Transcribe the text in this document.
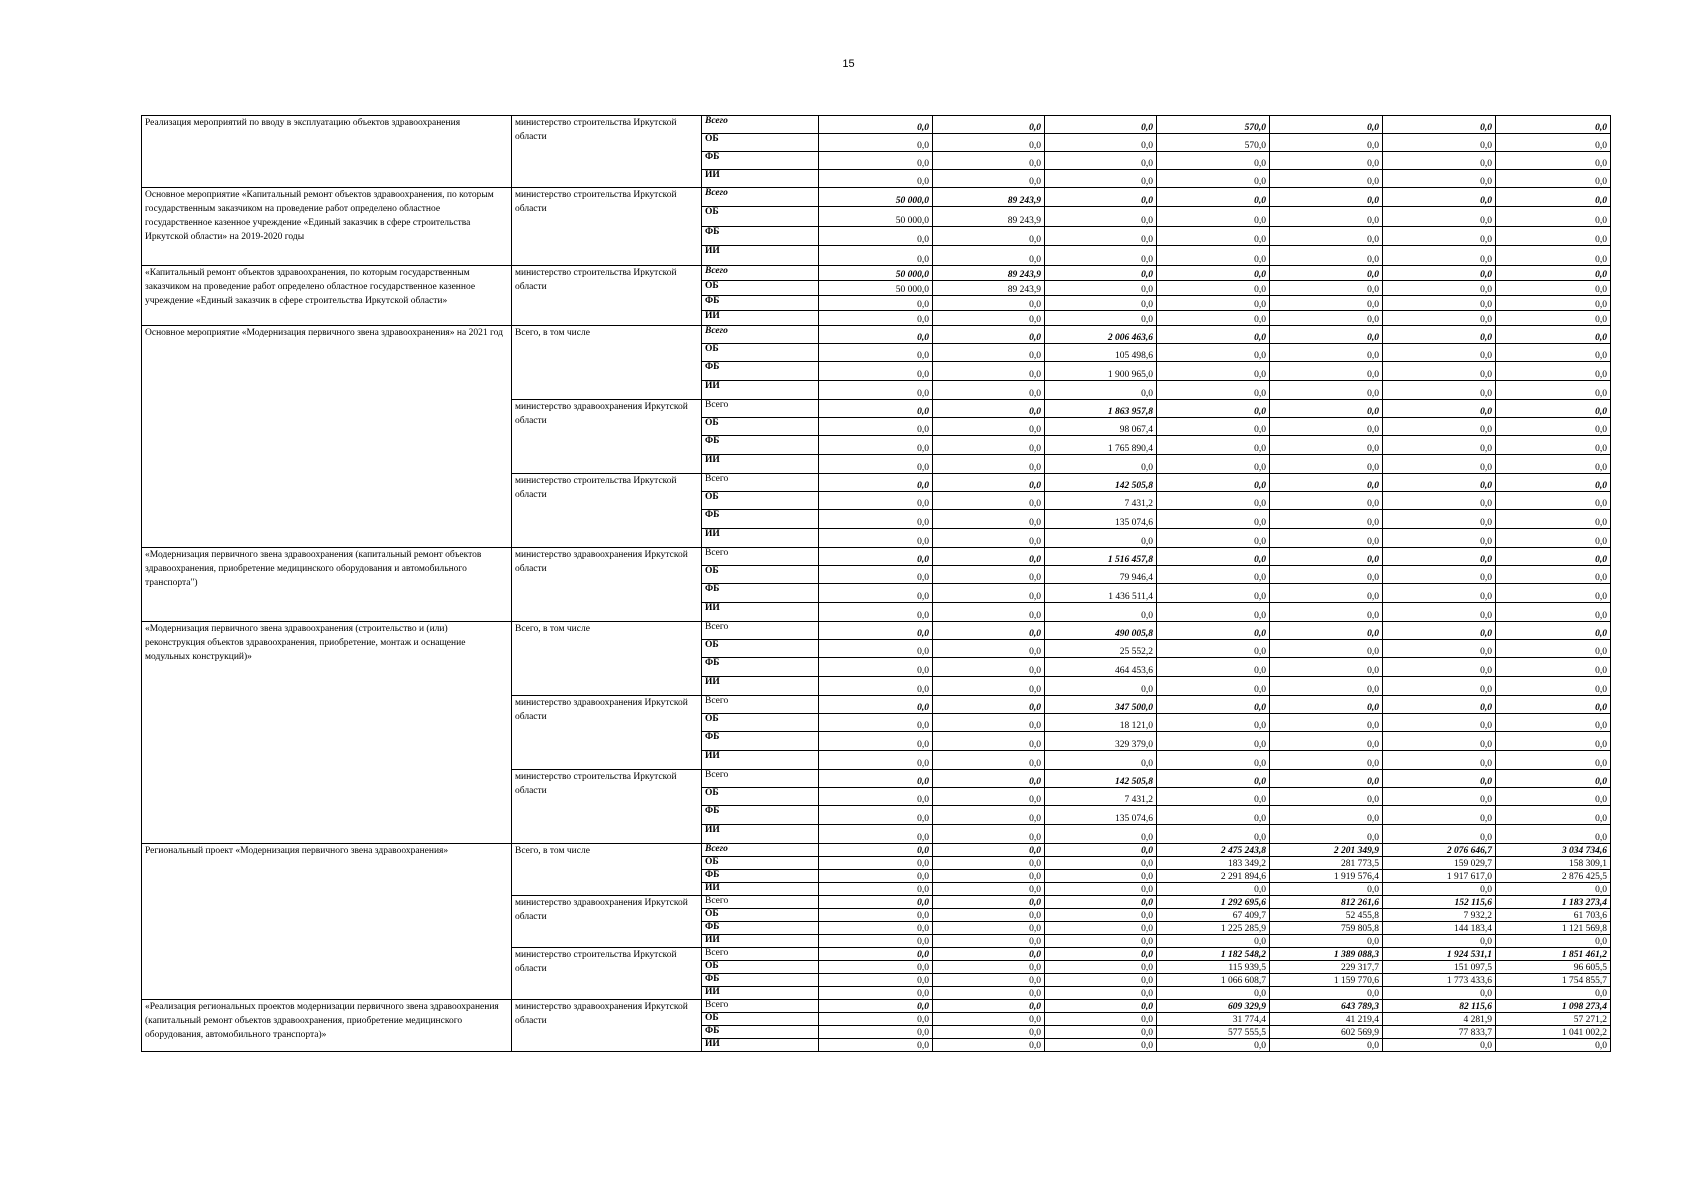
15
Реализация мероприятий по вводу в эксплуатацию объектов здравоохранения	министерство строительства Иркутской области	Всего	0,0	0,0	0,0	570,0	0,0	0,0	0,0
		ОБ	0,0	0,0	0,0	570,0	0,0	0,0	0,0
		ФБ	0,0	0,0	0,0	0,0	0,0	0,0	0,0
		ИИ	0,0	0,0	0,0	0,0	0,0	0,0	0,0
Основное мероприятие «Капитальный ремонт объектов здравоохранения, по которым государственным заказчиком на проведение работ определено областное государственное казенное учреждение «Единый заказчик в сфере строительства Иркутской области» на 2019-2020 годы	министерство строительства Иркутской области	Всего	50 000,0	89 243,9	0,0	0,0	0,0	0,0	0,0
		ОБ	50 000,0	89 243,9	0,0	0,0	0,0	0,0	0,0
		ФБ	0,0	0,0	0,0	0,0	0,0	0,0	0,0
		ИИ	0,0	0,0	0,0	0,0	0,0	0,0	0,0
«Капитальный ремонт объектов здравоохранения, по которым государственным заказчиком на проведение работ определено областное государственное казенное учреждение «Единый заказчик в сфере строительства Иркутской области»	министерство строительства Иркутской области	Всего	50 000,0	89 243,9	0,0	0,0	0,0	0,0	0,0
		ОБ	50 000,0	89 243,9	0,0	0,0	0,0	0,0	0,0
		ФБ	0,0	0,0	0,0	0,0	0,0	0,0	0,0
		ИИ	0,0	0,0	0,0	0,0	0,0	0,0	0,0
Основное мероприятие «Модернизация первичного звена здравоохранения» на 2021 год	Всего, в том числе	Всего	0,0	0,0	2 006 463,6	0,0	0,0	0,0	0,0
		ОБ	0,0	0,0	105 498,6	0,0	0,0	0,0	0,0
		ФБ	0,0	0,0	1 900 965,0	0,0	0,0	0,0	0,0
		ИИ	0,0	0,0	0,0	0,0	0,0	0,0	0,0
	министерство здравоохранения Иркутской области	Всего	0,0	0,0	1 863 957,8	0,0	0,0	0,0	0,0
		ОБ	0,0	0,0	98 067,4	0,0	0,0	0,0	0,0
		ФБ	0,0	0,0	1 765 890,4	0,0	0,0	0,0	0,0
		ИИ	0,0	0,0	0,0	0,0	0,0	0,0	0,0
	министерство строительства Иркутской области	Всего	0,0	0,0	142 505,8	0,0	0,0	0,0	0,0
		ОБ	0,0	0,0	7 431,2	0,0	0,0	0,0	0,0
		ФБ	0,0	0,0	135 074,6	0,0	0,0	0,0	0,0
		ИИ	0,0	0,0	0,0	0,0	0,0	0,0	0,0
«Модернизация первичного звена здравоохранения (капитальный ремонт объектов здравоохранения, приобретение медицинского оборудования и автомобильного транспорта")	министерство здравоохранения Иркутской области	Всего	0,0	0,0	1 516 457,8	0,0	0,0	0,0	0,0
		ОБ	0,0	0,0	79 946,4	0,0	0,0	0,0	0,0
		ФБ	0,0	0,0	1 436 511,4	0,0	0,0	0,0	0,0
		ИИ	0,0	0,0	0,0	0,0	0,0	0,0	0,0
«Модернизация первичного звена здравоохранения (строительство и (или) реконструкция объектов здравоохранения, приобретение, монтаж и оснащение модульных конструкций)»	Всего, в том числе	Всего	0,0	0,0	490 005,8	0,0	0,0	0,0	0,0
		ОБ	0,0	0,0	25 552,2	0,0	0,0	0,0	0,0
		ФБ	0,0	0,0	464 453,6	0,0	0,0	0,0	0,0
		ИИ	0,0	0,0	0,0	0,0	0,0	0,0	0,0
	министерство здравоохранения Иркутской области	Всего	0,0	0,0	347 500,0	0,0	0,0	0,0	0,0
		ОБ	0,0	0,0	18 121,0	0,0	0,0	0,0	0,0
		ФБ	0,0	0,0	329 379,0	0,0	0,0	0,0	0,0
		ИИ	0,0	0,0	0,0	0,0	0,0	0,0	0,0
	министерство строительства Иркутской области	Всего	0,0	0,0	142 505,8	0,0	0,0	0,0	0,0
		ОБ	0,0	0,0	7 431,2	0,0	0,0	0,0	0,0
		ФБ	0,0	0,0	135 074,6	0,0	0,0	0,0	0,0
		ИИ	0,0	0,0	0,0	0,0	0,0	0,0	0,0
Региональный проект «Модернизация первичного звена здравоохранения»	Всего, в том числе	Всего	0,0	0,0	0,0	2 475 243,8	2 201 349,9	2 076 646,7	3 034 734,6
		ОБ	0,0	0,0	0,0	183 349,2	281 773,5	159 029,7	158 309,1
		ФБ	0,0	0,0	0,0	2 291 894,6	1 919 576,4	1 917 617,0	2 876 425,5
		ИИ	0,0	0,0	0,0	0,0	0,0	0,0	0,0
	министерство здравоохранения Иркутской области	Всего	0,0	0,0	0,0	1 292 695,6	812 261,6	152 115,6	1 183 273,4
		ОБ	0,0	0,0	0,0	67 409,7	52 455,8	7 932,2	61 703,6
		ФБ	0,0	0,0	0,0	1 225 285,9	759 805,8	144 183,4	1 121 569,8
		ИИ	0,0	0,0	0,0	0,0	0,0	0,0	0,0
	министерство строительства Иркутской области	Всего	0,0	0,0	0,0	1 182 548,2	1 389 088,3	1 924 531,1	1 851 461,2
		ОБ	0,0	0,0	0,0	115 939,5	229 317,7	151 097,5	96 605,5
		ФБ	0,0	0,0	0,0	1 066 608,7	1 159 770,6	1 773 433,6	1 754 855,7
		ИИ	0,0	0,0	0,0	0,0	0,0	0,0	0,0
«Реализация региональных проектов модернизации первичного звена здравоохранения (капитальный ремонт объектов здравоохранения, приобретение медицинского оборудования, автомобильного транспорта)»	министерство здравоохранения Иркутской области	Всего	0,0	0,0	0,0	609 329,9	643 789,3	82 115,6	1 098 273,4
		ОБ	0,0	0,0	0,0	31 774,4	41 219,4	4 281,9	57 271,2
		ФБ	0,0	0,0	0,0	577 555,5	602 569,9	77 833,7	1 041 002,2
		ИИ	0,0	0,0	0,0	0,0	0,0	0,0	0,0
